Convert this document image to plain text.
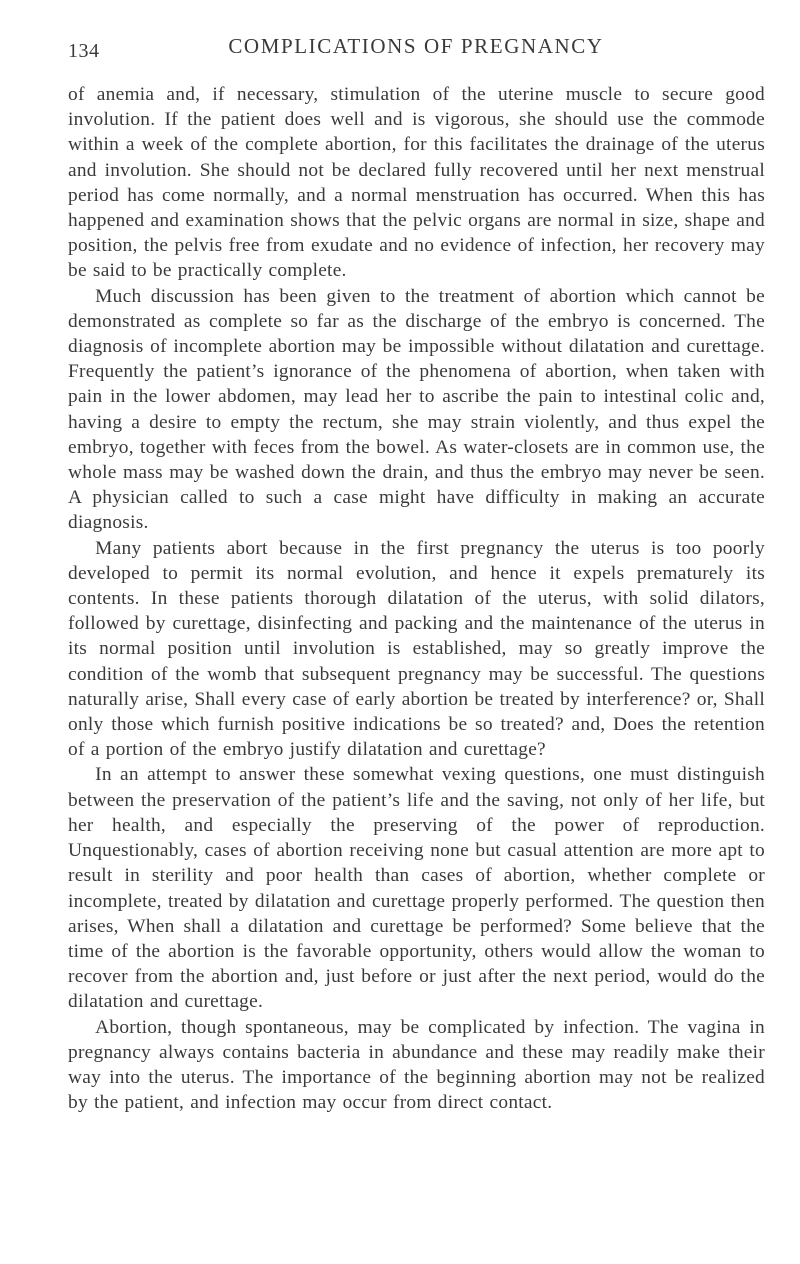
134	COMPLICATIONS OF PREGNANCY

of anemia and, if necessary, stimulation of the uterine muscle to secure good involution. If the patient does well and is vigorous, she should use the commode within a week of the complete abortion, for this facilitates the drainage of the uterus and involution. She should not be declared fully recovered until her next menstrual period has come normally, and a normal menstruation has occurred. When this has happened and examination shows that the pelvic organs are normal in size, shape and position, the pelvis free from exudate and no evidence of infection, her recovery may be said to be practically complete.

Much discussion has been given to the treatment of abortion which cannot be demonstrated as complete so far as the discharge of the embryo is concerned. The diagnosis of incomplete abortion may be impossible without dilatation and curettage. Frequently the patient’s ignorance of the phenomena of abortion, when taken with pain in the lower abdomen, may lead her to ascribe the pain to intestinal colic and, having a desire to empty the rectum, she may strain violently, and thus expel the embryo, together with feces from the bowel. As water-closets are in common use, the whole mass may be washed down the drain, and thus the embryo may never be seen. A physician called to such a case might have difficulty in making an accurate diagnosis.

Many patients abort because in the first pregnancy the uterus is too poorly developed to permit its normal evolution, and hence it expels prematurely its contents. In these patients thorough dilatation of the uterus, with solid dilators, followed by curettage, disinfecting and packing and the maintenance of the uterus in its normal position until involution is established, may so greatly improve the condition of the womb that subsequent pregnancy may be successful. The questions naturally arise, Shall every case of early abortion be treated by interference? or, Shall only those which furnish positive indications be so treated? and, Does the retention of a portion of the embryo justify dilatation and curettage?

In an attempt to answer these somewhat vexing questions, one must distinguish between the preservation of the patient’s life and the saving, not only of her life, but her health, and especially the preserving of the power of reproduction. Unquestionably, cases of abortion receiving none but casual attention are more apt to result in sterility and poor health than cases of abortion, whether complete or incomplete, treated by dilatation and curettage properly performed. The question then arises, When shall a dilatation and curettage be performed? Some believe that the time of the abortion is the favorable opportunity, others would allow the woman to recover from the abortion and, just before or just after the next period, would do the dilatation and curettage.

Abortion, though spontaneous, may be complicated by infection. The vagina in pregnancy always contains bacteria in abundance and these may readily make their way into the uterus. The importance of the beginning abortion may not be realized by the patient, and infection may occur from direct contact.
